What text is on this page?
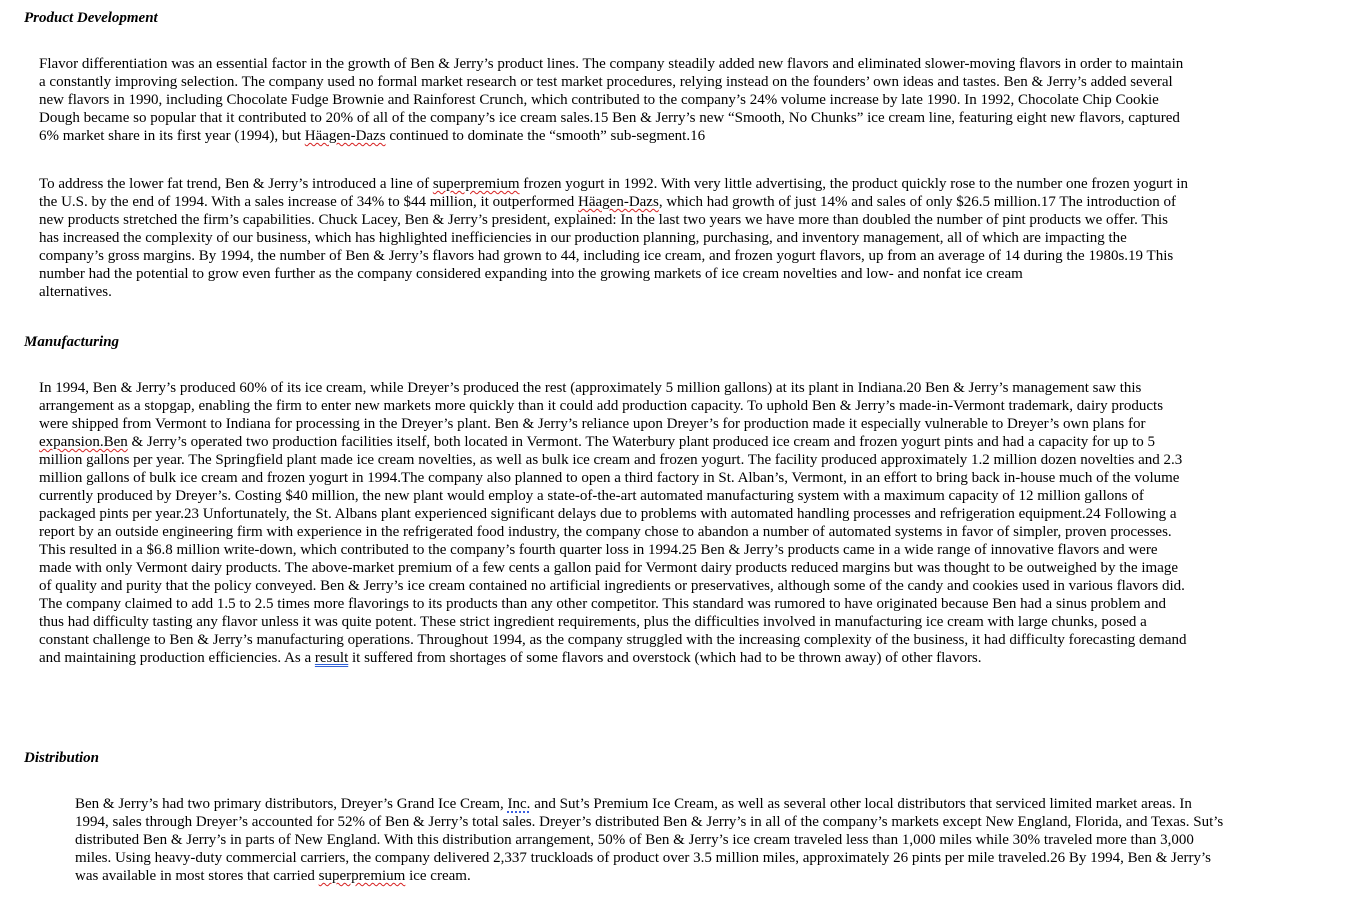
Product Development

Flavor differentiation was an essential factor in the growth of Ben & Jerry’s product lines. The company steadily added new flavors and eliminated slower-moving flavors in order to maintain
a constantly improving selection. The company used no formal market research or test market procedures, relying instead on the founders’ own ideas and tastes. Ben & Jerry’s added several
new flavors in 1990, including Chocolate Fudge Brownie and Rainforest Crunch, which contributed to the company’s 24% volume increase by late 1990. In 1992, Chocolate Chip Cookie
Dough became so popular that it contributed to 20% of all of the company’s ice cream sales.15 Ben & Jerry’s new “Smooth, No Chunks” ice cream line, featuring eight new flavors, captured
6% market share in its first year (1994), but Häagen-Dazs continued to dominate the “smooth” sub-segment.16

To address the lower fat trend, Ben & Jerry’s introduced a line of superpremium frozen yogurt in 1992. With very little advertising, the product quickly rose to the number one frozen yogurt in
the U.S. by the end of 1994. With a sales increase of 34% to $44 million, it outperformed Häagen-Dazs, which had growth of just 14% and sales of only $26.5 million.17 The introduction of
new products stretched the firm’s capabilities. Chuck Lacey, Ben & Jerry’s president, explained: In the last two years we have more than doubled the number of pint products we offer. This
has increased the complexity of our business, which has highlighted inefficiencies in our production planning, purchasing, and inventory management, all of which are impacting the
company’s gross margins. By 1994, the number of Ben & Jerry’s flavors had grown to 44, including ice cream, and frozen yogurt flavors, up from an average of 14 during the 1980s.19 This
number had the potential to grow even further as the company considered expanding into the growing markets of ice cream novelties and low- and nonfat ice cream
alternatives.

Manufacturing

In 1994, Ben & Jerry’s produced 60% of its ice cream, while Dreyer’s produced the rest (approximately 5 million gallons) at its plant in Indiana.20 Ben & Jerry’s management saw this
arrangement as a stopgap, enabling the firm to enter new markets more quickly than it could add production capacity. To uphold Ben & Jerry’s made-in-Vermont trademark, dairy products
were shipped from Vermont to Indiana for processing in the Dreyer’s plant. Ben & Jerry’s reliance upon Dreyer’s for production made it especially vulnerable to Dreyer’s own plans for
expansion.Ben & Jerry’s operated two production facilities itself, both located in Vermont. The Waterbury plant produced ice cream and frozen yogurt pints and had a capacity for up to 5
million gallons per year. The Springfield plant made ice cream novelties, as well as bulk ice cream and frozen yogurt. The facility produced approximately 1.2 million dozen novelties and 2.3
million gallons of bulk ice cream and frozen yogurt in 1994.The company also planned to open a third factory in St. Alban’s, Vermont, in an effort to bring back in-house much of the volume
currently produced by Dreyer’s. Costing $40 million, the new plant would employ a state-of-the-art automated manufacturing system with a maximum capacity of 12 million gallons of
packaged pints per year.23 Unfortunately, the St. Albans plant experienced significant delays due to problems with automated handling processes and refrigeration equipment.24 Following a
report by an outside engineering firm with experience in the refrigerated food industry, the company chose to abandon a number of automated systems in favor of simpler, proven processes.
This resulted in a $6.8 million write-down, which contributed to the company’s fourth quarter loss in 1994.25 Ben & Jerry’s products came in a wide range of innovative flavors and were
made with only Vermont dairy products. The above-market premium of a few cents a gallon paid for Vermont dairy products reduced margins but was thought to be outweighed by the image
of quality and purity that the policy conveyed. Ben & Jerry’s ice cream contained no artificial ingredients or preservatives, although some of the candy and cookies used in various flavors did.
The company claimed to add 1.5 to 2.5 times more flavorings to its products than any other competitor. This standard was rumored to have originated because Ben had a sinus problem and
thus had difficulty tasting any flavor unless it was quite potent. These strict ingredient requirements, plus the difficulties involved in manufacturing ice cream with large chunks, posed a
constant challenge to Ben & Jerry’s manufacturing operations. Throughout 1994, as the company struggled with the increasing complexity of the business, it had difficulty forecasting demand
and maintaining production efficiencies. As a result it suffered from shortages of some flavors and overstock (which had to be thrown away) of other flavors.

Distribution

Ben & Jerry’s had two primary distributors, Dreyer’s Grand Ice Cream, Inc. and Sut’s Premium Ice Cream, as well as several other local distributors that serviced limited market areas. In
1994, sales through Dreyer’s accounted for 52% of Ben & Jerry’s total sales. Dreyer’s distributed Ben & Jerry’s in all of the company’s markets except New England, Florida, and Texas. Sut’s
distributed Ben & Jerry’s in parts of New England. With this distribution arrangement, 50% of Ben & Jerry’s ice cream traveled less than 1,000 miles while 30% traveled more than 3,000
miles. Using heavy-duty commercial carriers, the company delivered 2,337 truckloads of product over 3.5 million miles, approximately 26 pints per mile traveled.26 By 1994, Ben & Jerry’s
was available in most stores that carried superpremium ice cream.
